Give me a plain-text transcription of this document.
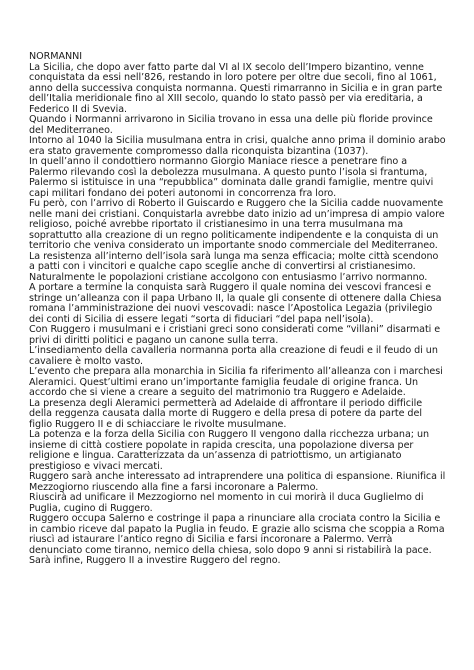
NORMANNI

La Sicilia, che dopo aver fatto parte dal VI al IX secolo dell’Impero bizantino, venne conquistata da essi nell’826, restando in loro potere per oltre due secoli, fino al 1061, anno della successiva conquista normanna. Questi rimarranno in Sicilia e in gran parte dell’Italia meridionale fino al XIII secolo, quando lo stato passò per via ereditaria, a Federico II di Svevia.

Quando i Normanni arrivarono in Sicilia trovano in essa una delle più floride province del Mediterraneo.

Intorno al 1040 la Sicilia musulmana entra in crisi, qualche anno prima il dominio arabo era stato gravemente compromesso dalla riconquista bizantina (1037).

In quell’anno il condottiero normanno Giorgio Maniace riesce a penetrare fino a Palermo rilevando così la debolezza musulmana. A questo punto l’isola si frantuma, Palermo si istituisce in una “repubblica” dominata dalle grandi famiglie, mentre quivi capi militari fondano dei poteri autonomi in concorrenza fra loro.

Fu però, con l’arrivo di Roberto il Guiscardo e Ruggero che la Sicilia cadde nuovamente nelle mani dei cristiani. Conquistarla avrebbe dato inizio ad un’impresa di ampio valore religioso, poiché avrebbe riportato il cristianesimo in una terra musulmana ma soprattutto alla creazione di un regno politicamente indipendente e la conquista di un territorio che veniva considerato un importante snodo commerciale del Mediterraneo.

La resistenza all’interno dell’isola sarà lunga ma senza efficacia; molte città scendono a patti con i vincitori e qualche capo sceglie anche di convertirsi al cristianesimo. Naturalmente le popolazioni cristiane accolgono con entusiasmo l’arrivo normanno.

A portare a termine la conquista sarà Ruggero il quale nomina dei vescovi francesi e stringe un’alleanza con il papa Urbano II, la quale gli consente di ottenere dalla Chiesa romana l’amministrazione dei nuovi vescovadi: nasce l’Apostolica Legazia (privilegio dei conti di Sicilia di essere legati “sorta di fiduciari “del papa nell’isola).

Con Ruggero i musulmani e i cristiani greci sono considerati come “villani” disarmati e privi di diritti politici e pagano un canone sulla terra.

L’insediamento della cavalleria normanna porta alla creazione di feudi e il feudo di un cavaliere è molto vasto.

L’evento che prepara alla monarchia in Sicilia fa riferimento all’alleanza con i marchesi Aleramici. Quest’ultimi erano un’importante famiglia feudale di origine franca. Un accordo che si viene a creare a seguito del matrimonio tra Ruggero e Adelaide.

La presenza degli Aleramici permetterà ad Adelaide di affrontare il periodo difficile della reggenza causata dalla morte di Ruggero e della presa di potere da parte del figlio Ruggero II e di schiacciare le rivolte musulmane.

La potenza e la forza della Sicilia con Ruggero II vengono dalla ricchezza urbana; un insieme di città costiere popolate in rapida crescita, una popolazione diversa per religione e lingua. Caratterizzata da un’assenza di patriottismo, un artigianato prestigioso e vivaci mercati.

Ruggero sarà anche interessato ad intraprendere una politica di espansione. Riunifica il Mezzogiorno riuscendo alla fine a farsi incoronare a Palermo.

Riuscirà ad unificare il Mezzogiorno nel momento in cui morirà il duca Guglielmo di Puglia, cugino di Ruggero.

Ruggero occupa Salerno e costringe il papa a rinunciare alla crociata contro la Sicilia e in cambio riceve dal papato la Puglia in feudo. E grazie allo scisma che scoppia a Roma riuscì ad istaurare l’antico regno di Sicilia e farsi incoronare a Palermo. Verrà denunciato come tiranno, nemico della chiesa, solo dopo 9 anni si ristabilirà la pace. Sarà infine, Ruggero II a investire Ruggero del regno.
